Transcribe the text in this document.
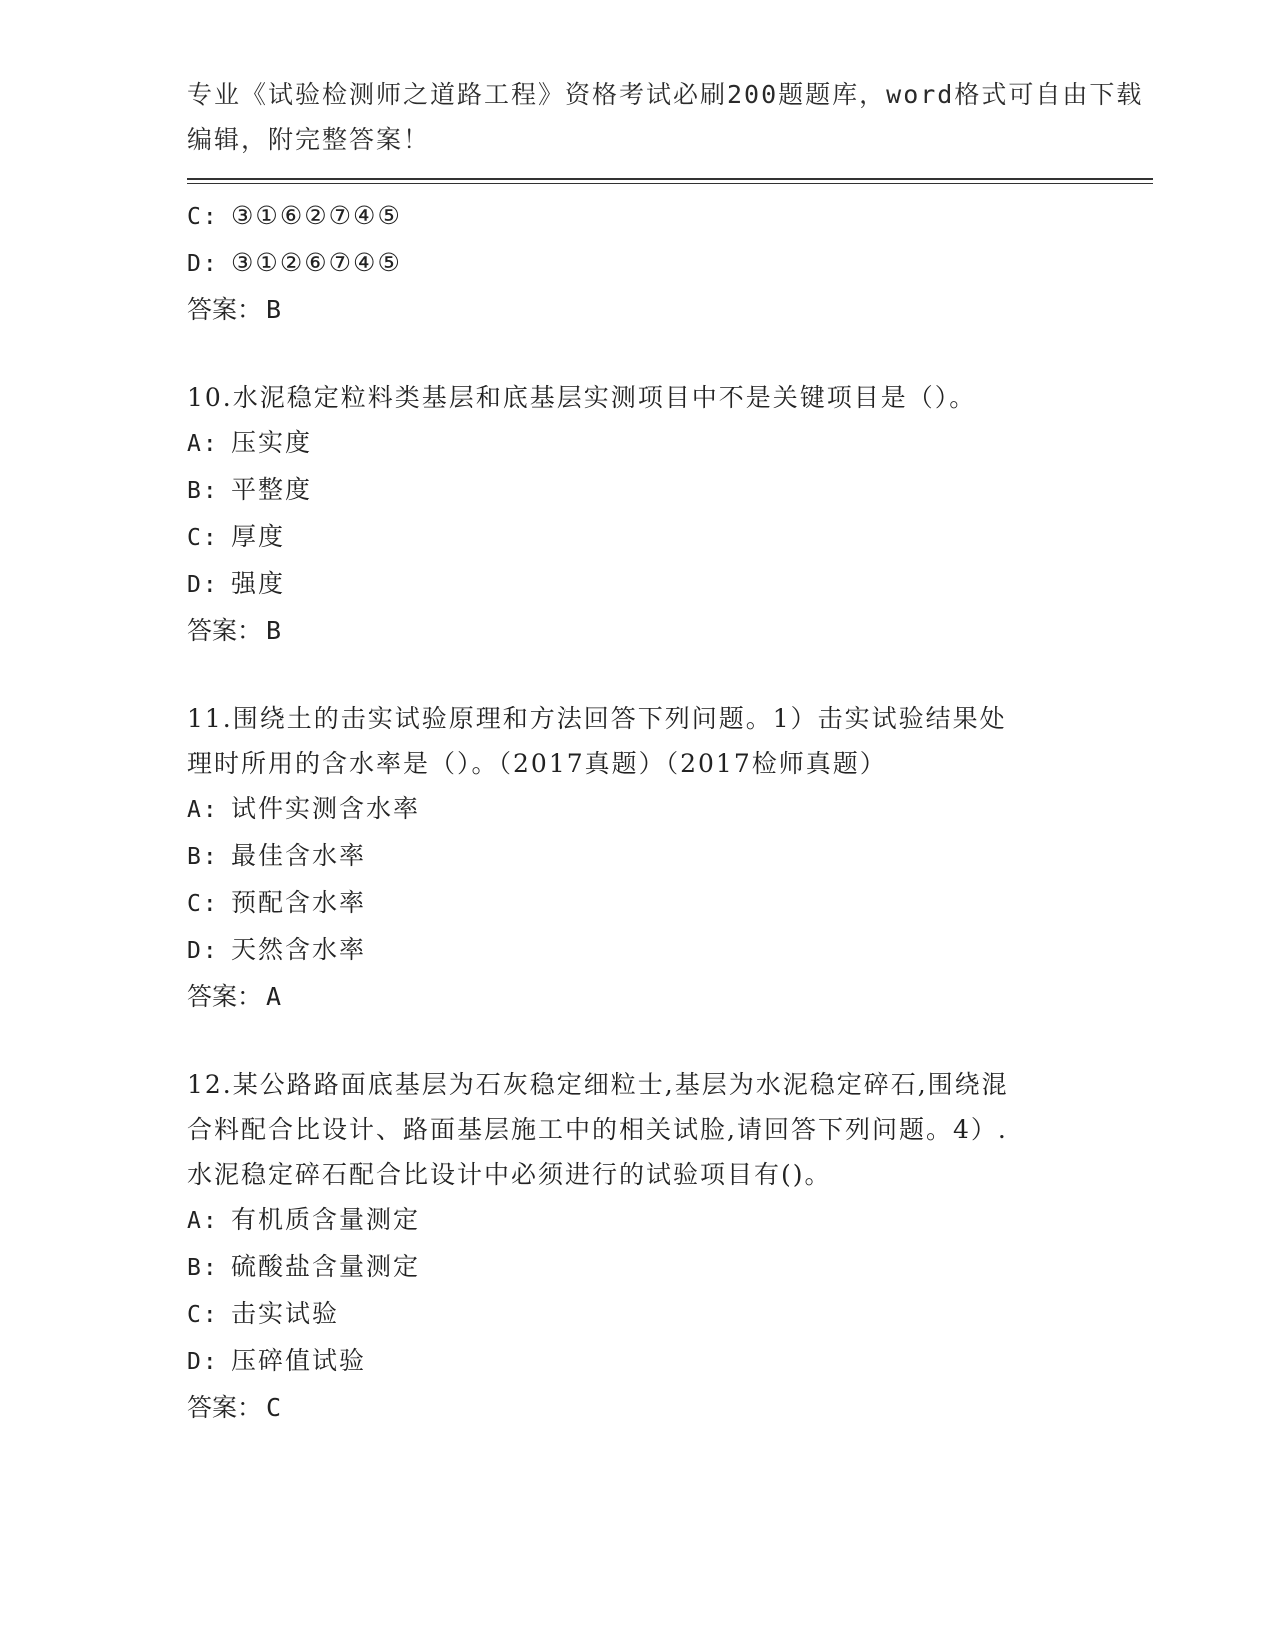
专业《试验检测师之道路工程》资格考试必刷200题题库，word格式可自由下载
编辑，附完整答案！
C: ③①⑥②⑦④⑤
D: ③①②⑥⑦④⑤
答案： B
10.水泥稳定粒料类基层和底基层实测项目中不是关键项目是（）。
A: 压实度
B: 平整度
C: 厚度
D: 强度
答案： B
11.围绕土的击实试验原理和方法回答下列问题。1）击实试验结果处
理时所用的含水率是（）。（2017真题）（2017检师真题）
A: 试件实测含水率
B: 最佳含水率
C: 预配含水率
D: 天然含水率
答案： A
12.某公路路面底基层为石灰稳定细粒士,基层为水泥稳定碎石,围绕混
合料配合比设计、路面基层施工中的相关试脸,请回答下列问题。4）.
水泥稳定碎石配合比设计中必须进行的试验项目有()。
A: 有机质含量测定
B: 硫酸盐含量测定
C: 击实试验
D: 压碎值试验
答案： C
